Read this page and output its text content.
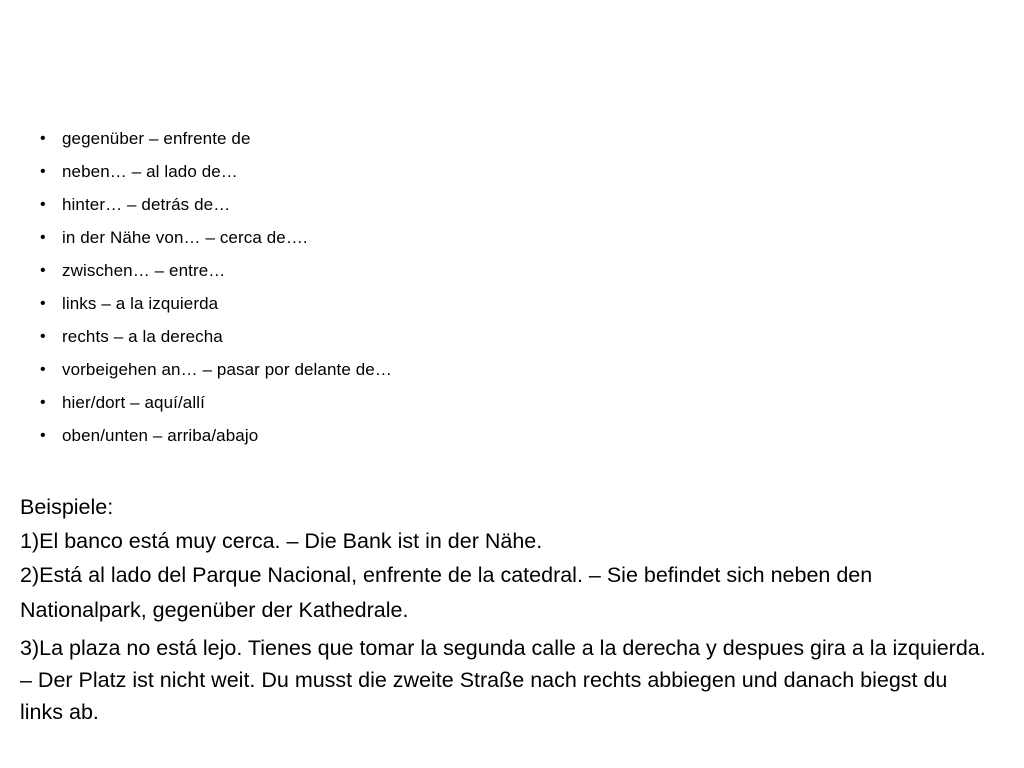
• gegenüber – enfrente de
• neben… – al lado de…
• hinter… – detrás de…
• in der Nähe von… – cerca de….
• zwischen… – entre…
• links – a la izquierda
• rechts – a la derecha
• vorbeigehen an… – pasar por delante de…
• hier/dort – aquí/allí
• oben/unten – arriba/abajo
Beispiele:
1)El banco está muy cerca. – Die Bank ist in der Nähe.
2)Está al lado del Parque Nacional, enfrente de la catedral. – Sie befindet sich neben den Nationalpark, gegenüber der Kathedrale.
3)La plaza no está lejo. Tienes que tomar la segunda calle a la derecha y despues gira a la izquierda. – Der Platz ist nicht weit. Du musst die zweite Straße nach rechts abbiegen und danach biegst du links ab.
